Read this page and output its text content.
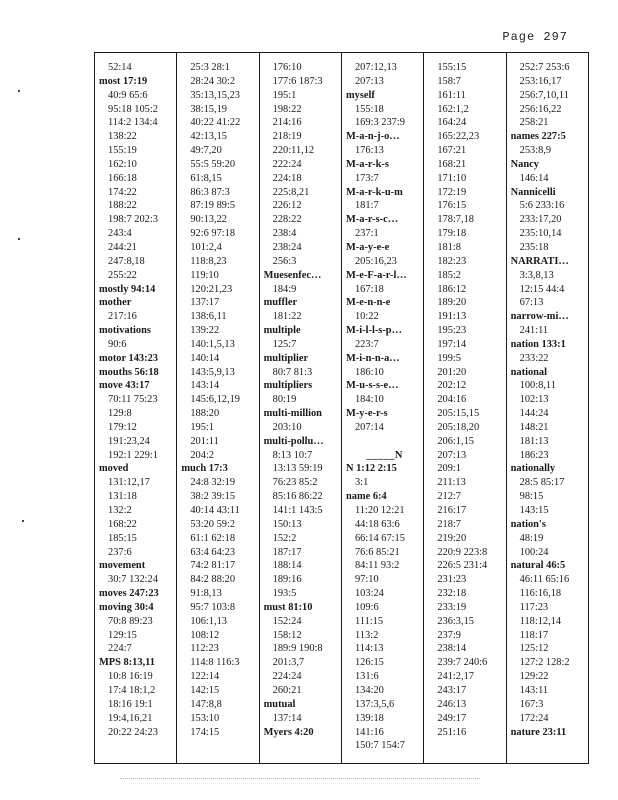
Page 297
52:14
most 17:19
40:9 65:6
95:18 105:2
114:2 134:4
138:22
155:19
162:10
166:18
174:22
188:22
198:7 202:3
243:4
244:21
247:8,18
255:22
mostly 94:14
mother
217:16
motivations
90:6
motor 143:23
mouths 56:18
move 43:17
70:11 75:23
129:8
179:12
191:23,24
192:1 229:1
moved
131:12,17
131:18
132:2
168:22
185:15
237:6
movement
30:7 132:24
moves 247:23
moving 30:4
70:8 89:23
129:15
224:7
MPS 8:13,11
10:8 16:19
17:4 18:1,2
18:16 19:1
19:4,16,21
20:22 24:23
25:3 28:1
28:24 30:2
35:13,15,23
38:15,19
40:22 41:22
42:13,15
49:7,20
55:5 59:20
61:8,15
86:3 87:3
87:19 89:5
90:13,22
92:6 97:18
101:2,4
118:8,23
119:10
120:21,23
137:17
138:6,11
139:22
140:1,5,13
140:14
143:5,9,13
143:14
145:6,12,19
188:20
195:1
201:11
204:2
much 17:3
24:8 32:19
38:2 39:15
40:14 43:11
53:20 59:2
61:1 62:18
63:4 64:23
74:2 81:17
84:2 88:20
91:8,13
95:7 103:8
106:1,13
108:12
112:23
114:8 116:3
122:14
142:15
147:8,8
153:10
174:15
176:10
177:6 187:3
195:1
198:22
214:16
218:19
220:11,12
222:24
224:18
225:8,21
226:12
228:22
238:4
238:24
256:3
Muesenfec…
184:9
muffler
181:22
multiple
125:7
multiplier
80:7 81:3
multipliers
80:19
multi-million
203:10
multi-pollu…
8:13 10:7
13:13 59:19
76:23 85:2
85:16 86:22
141:1 143:5
150:13
152:2
187:17
188:14
189:16
193:5
must 81:10
152:24
158:12
189:9 190:8
201:3,7
224:24
260:21
mutual
137:14
Myers 4:20
207:12,13
207:13
myself
155:18
169:3 237:9
M-a-n-j-o…
176:13
M-a-r-k-s
173:7
M-a-r-k-u-m
181:7
M-a-r-s-c…
237:1
M-a-y-e-e
205:16,23
M-e-F-a-r-l…
167:18
M-e-n-n-e
10:22
M-i-l-l-s-p…
223:7
M-i-n-n-a…
186:10
M-u-s-s-e…
184:10
M-y-e-r-s
207:14
_____N
N 1:12 2:15
3:1
name 6:4
11:20 12:21
44:18 63:6
66:14 67:15
76:6 85:21
84:11 93:2
97:10
103:24
109:6
111:15
113:2
114:13
126:15
131:6
134:20
137:3,5,6
139:18
141:16
150:7 154:7
155:15
158:7
161:11
162:1,2
164:24
165:22,23
167:21
168:21
171:10
172:19
176:15
178:7,18
179:18
181:8
182:23
185:2
186:12
189:20
191:13
195:23
197:14
199:5
201:20
202:12
204:16
205:15,15
205:18,20
206:1,15
207:13
209:1
211:13
212:7
216:17
218:7
219:20
220:9 223:8
226:5 231:4
231:23
232:18
233:19
236:3,15
237:9
238:14
239:7 240:6
241:2,17
243:17
246:13
249:17
251:16
252:7 253:6
253:16,17
256:7,10,11
256:16,22
258:21
names 227:5
253:8,9
Nancy
146:14
Nannicelli
5:6 233:16
233:17,20
235:10,14
235:18
NARRATI…
3:3,8,13
12:15 44:4
67:13
narrow-mi…
241:11
nation 133:1
233:22
national
100:8,11
102:13
144:24
148:21
181:13
186:23
nationally
28:5 85:17
98:15
143:15
nation's
48:19
100:24
natural 46:5
46:11 65:16
116:16,18
117:23
118:12,14
118:17
125:12
127:2 128:2
129:22
143:11
167:3
172:24
nature 23:11
